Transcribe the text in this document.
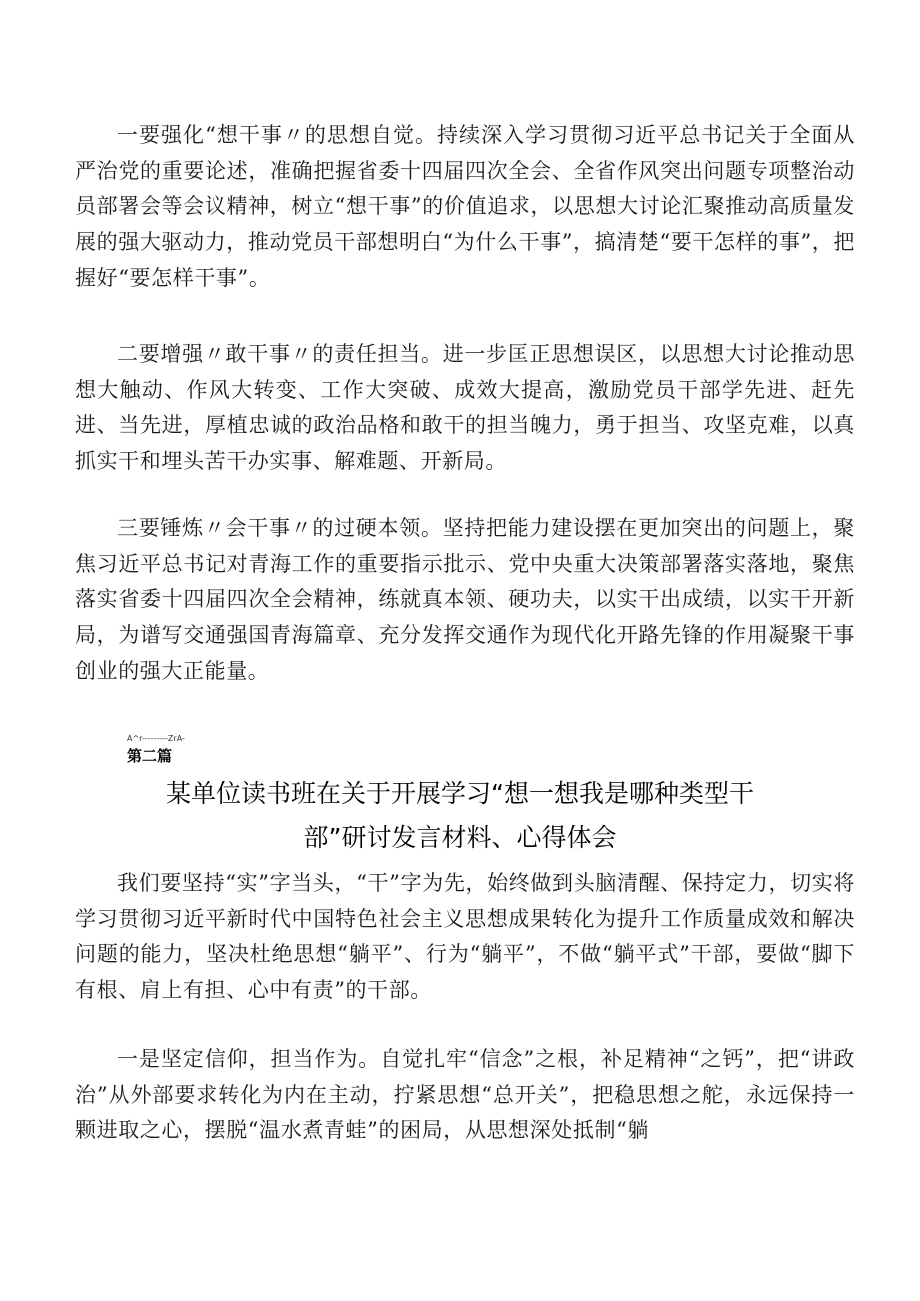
一要强化“想干事〃的思想自觉。持续深入学习贯彻习近平总书记关于全面从严治党的重要论述，准确把握省委十四届四次全会、全省作风突出问题专项整治动员部署会等会议精神，树立“想干事”的价值追求，以思想大讨论汇聚推动高质量发展的强大驱动力，推动党员干部想明白“为什么干事”，搞清楚“要干怎样的事”，把握好“要怎样干事”。

二要增强〃敢干事〃的责任担当。进一步匡正思想误区，以思想大讨论推动思想大触动、作风大转变、工作大突破、成效大提高，激励党员干部学先进、赶先进、当先进，厚植忠诚的政治品格和敢干的担当魄力，勇于担当、攻坚克难，以真抓实干和埋头苦干办实事、解难题、开新局。

三要锤炼〃会干事〃的过硬本领。坚持把能力建设摆在更加突出的问题上，聚焦习近平总书记对青海工作的重要指示批示、党中央重大决策部署落实落地，聚焦落实省委十四届四次全会精神，练就真本领、硬功夫，以实干出成绩，以实干开新局，为谱写交通强国青海篇章、充分发挥交通作为现代化开路先锋的作用凝聚干事创业的强大正能量。

A^r---------ZrA-
第二篇
某单位读书班在关于开展学习“想一想我是哪种类型干
部”研讨发言材料、心得体会

我们要坚持“实”字当头，“干”字为先，始终做到头脑清醒、保持定力，切实将学习贯彻习近平新时代中国特色社会主义思想成果转化为提升工作质量成效和解决问题的能力，坚决杜绝思想“躺平”、行为“躺平”，不做“躺平式”干部，要做“脚下有根、肩上有担、心中有责”的干部。

一是坚定信仰，担当作为。自觉扎牢“信念”之根，补足精神“之钙”，把“讲政治”从外部要求转化为内在主动，拧紧思想“总开关”，把稳思想之舵，永远保持一颗进取之心，摆脱“温水煮青蛙”的困局，从思想深处抵制“躺
